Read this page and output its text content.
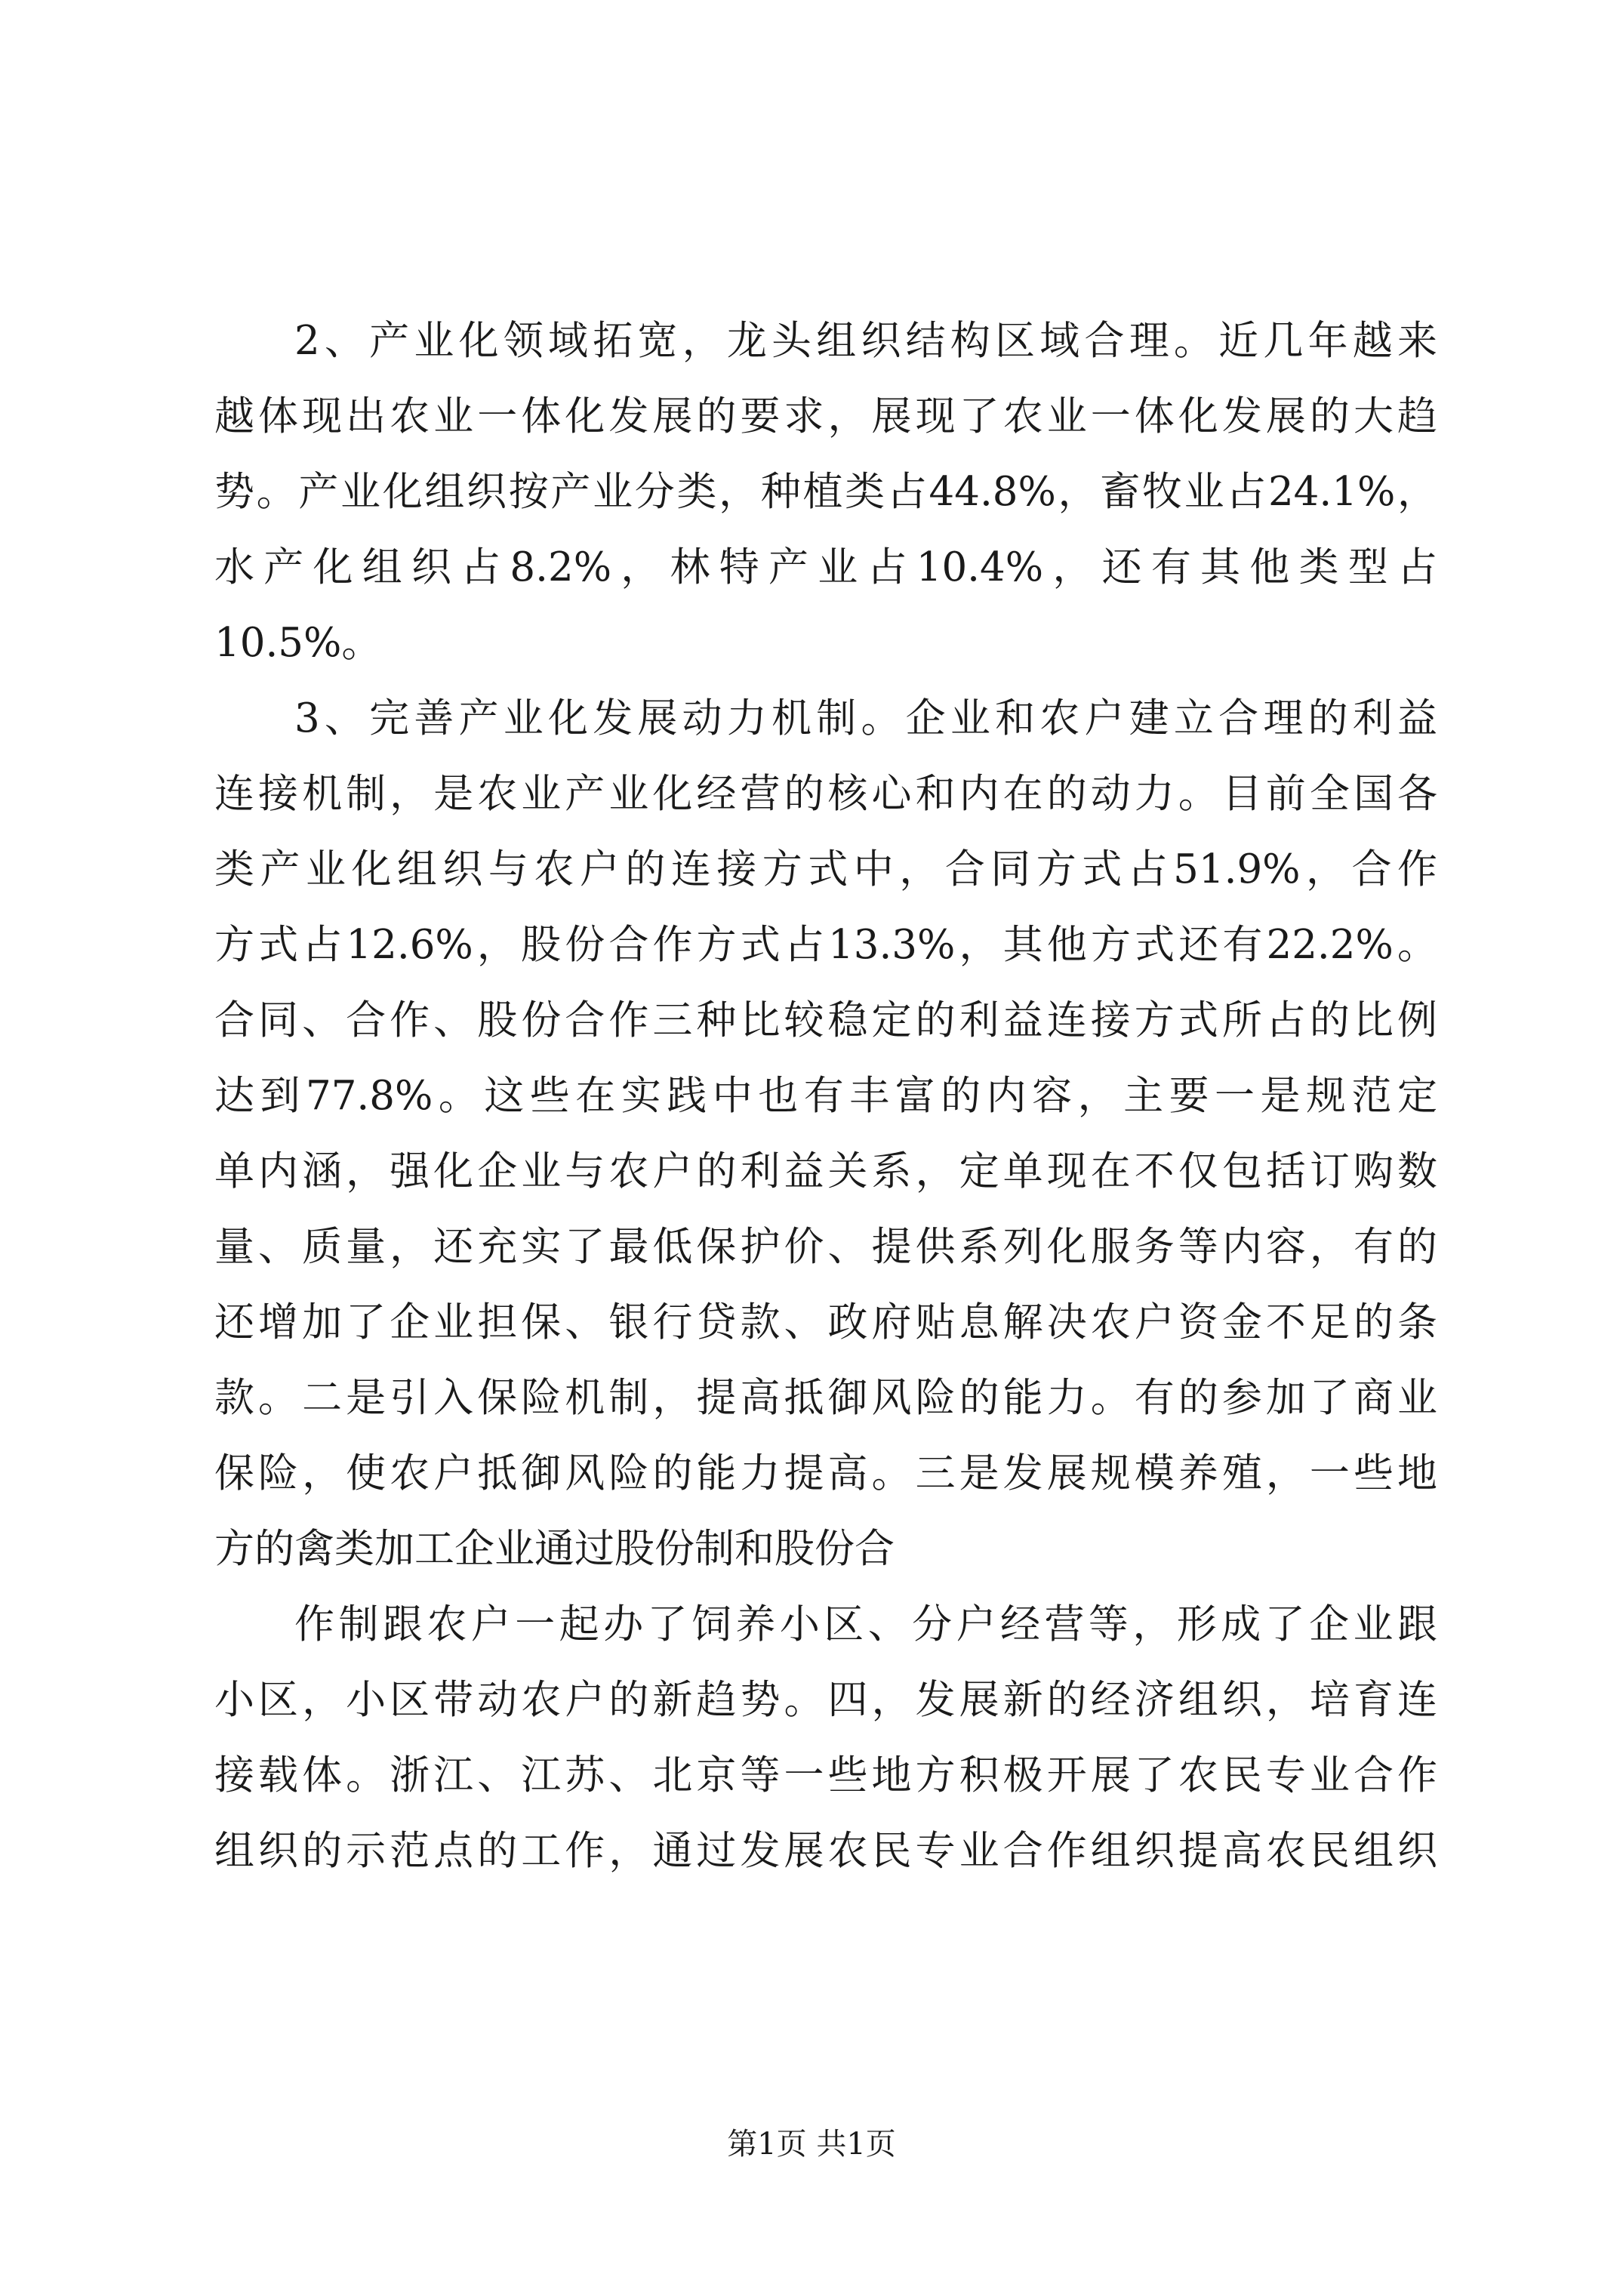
2、产业化领域拓宽，龙头组织结构区域合理。近几年越来
越体现出农业一体化发展的要求，展现了农业一体化发展的大趋
势。产业化组织按产业分类，种植类占44.8%，畜牧业占24.1%，
水产化组织占8.2%，林特产业占10.4%，还有其他类型占
10.5%。
3、完善产业化发展动力机制。企业和农户建立合理的利益
连接机制，是农业产业化经营的核心和内在的动力。目前全国各
类产业化组织与农户的连接方式中，合同方式占51.9%，合作
方式占12.6%，股份合作方式占13.3%，其他方式还有22.2%。
合同、合作、股份合作三种比较稳定的利益连接方式所占的比例
达到77.8%。这些在实践中也有丰富的内容，主要一是规范定
单内涵，强化企业与农户的利益关系，定单现在不仅包括订购数
量、质量，还充实了最低保护价、提供系列化服务等内容，有的
还增加了企业担保、银行贷款、政府贴息解决农户资金不足的条
款。二是引入保险机制，提高抵御风险的能力。有的参加了商业
保险，使农户抵御风险的能力提高。三是发展规模养殖，一些地
方的禽类加工企业通过股份制和股份合
作制跟农户一起办了饲养小区、分户经营等，形成了企业跟
小区，小区带动农户的新趋势。四，发展新的经济组织，培育连
接载体。浙江、江苏、北京等一些地方积极开展了农民专业合作
组织的示范点的工作，通过发展农民专业合作组织提高农民组织
第1页 共1页
